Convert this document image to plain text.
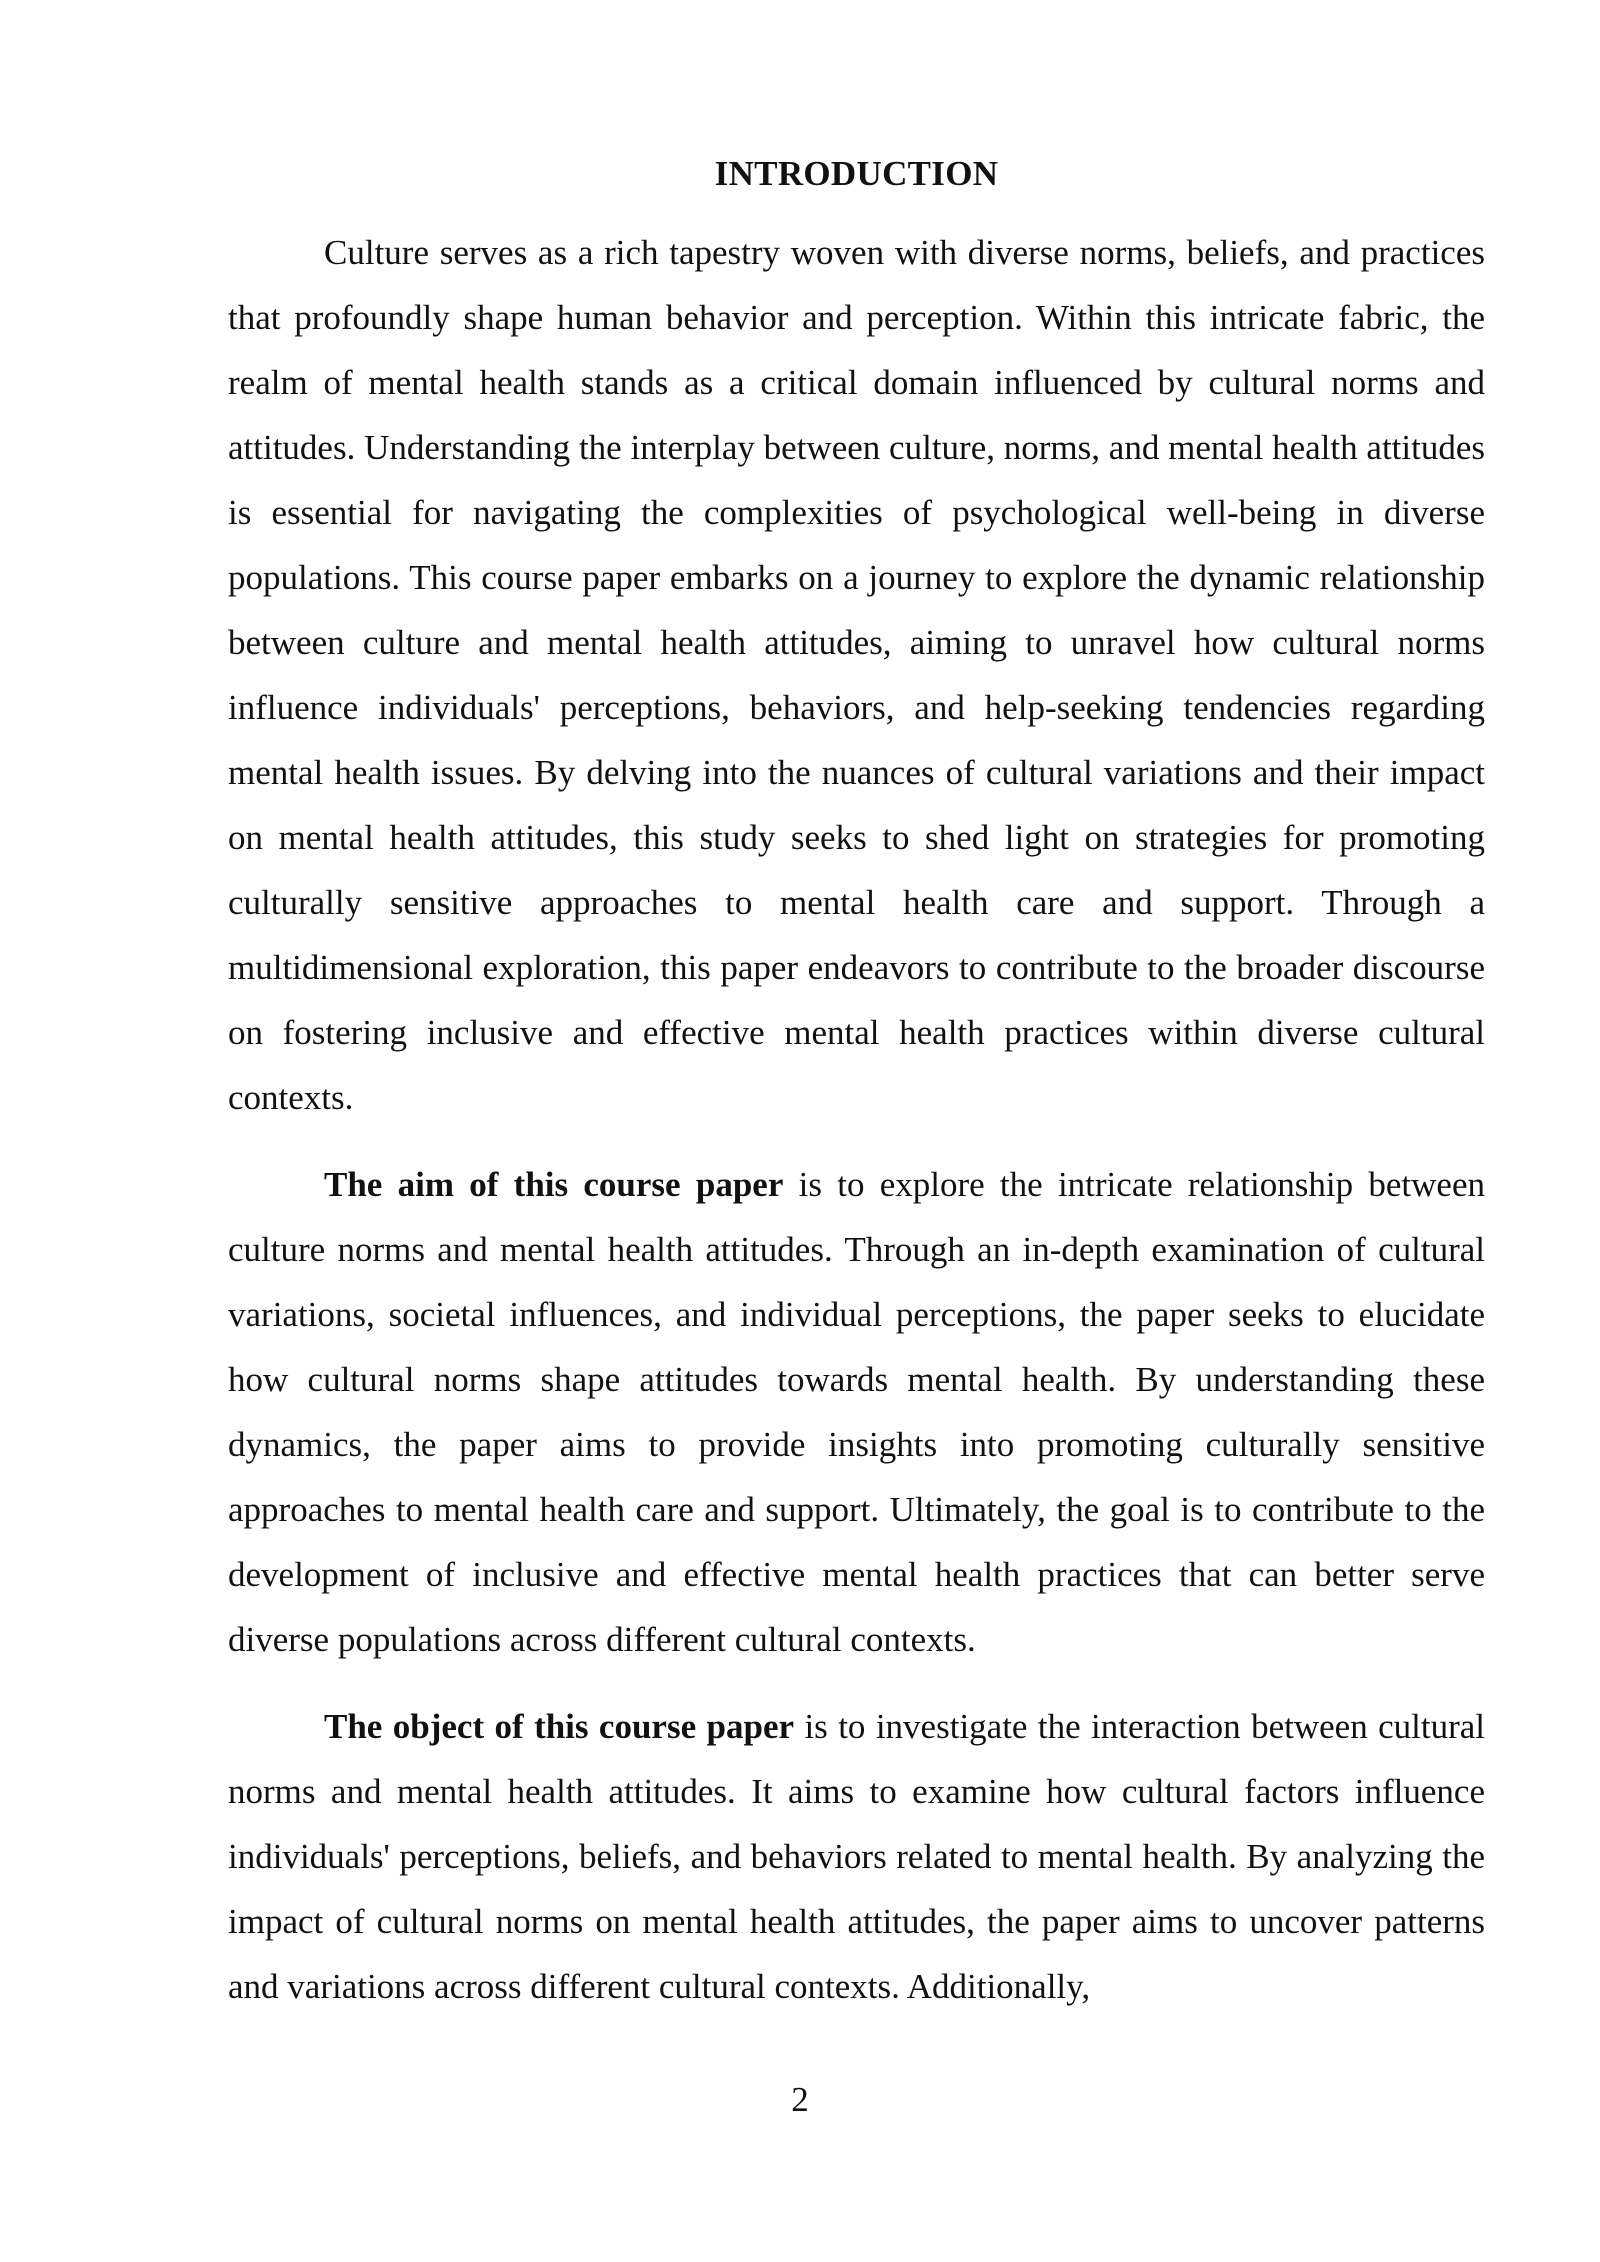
INTRODUCTION

Culture serves as a rich tapestry woven with diverse norms, beliefs, and practices that profoundly shape human behavior and perception. Within this intricate fabric, the realm of mental health stands as a critical domain influenced by cultural norms and attitudes. Understanding the interplay between culture, norms, and mental health attitudes is essential for navigating the complexities of psychological well-being in diverse populations. This course paper embarks on a journey to explore the dynamic relationship between culture and mental health attitudes, aiming to unravel how cultural norms influence individuals' perceptions, behaviors, and help-seeking tendencies regarding mental health issues. By delving into the nuances of cultural variations and their impact on mental health attitudes, this study seeks to shed light on strategies for promoting culturally sensitive approaches to mental health care and support. Through a multidimensional exploration, this paper endeavors to contribute to the broader discourse on fostering inclusive and effective mental health practices within diverse cultural contexts.

The aim of this course paper is to explore the intricate relationship between culture norms and mental health attitudes. Through an in-depth examination of cultural variations, societal influences, and individual perceptions, the paper seeks to elucidate how cultural norms shape attitudes towards mental health. By understanding these dynamics, the paper aims to provide insights into promoting culturally sensitive approaches to mental health care and support. Ultimately, the goal is to contribute to the development of inclusive and effective mental health practices that can better serve diverse populations across different cultural contexts.

The object of this course paper is to investigate the interaction between cultural norms and mental health attitudes. It aims to examine how cultural factors influence individuals' perceptions, beliefs, and behaviors related to mental health. By analyzing the impact of cultural norms on mental health attitudes, the paper aims to uncover patterns and variations across different cultural contexts. Additionally,

2
